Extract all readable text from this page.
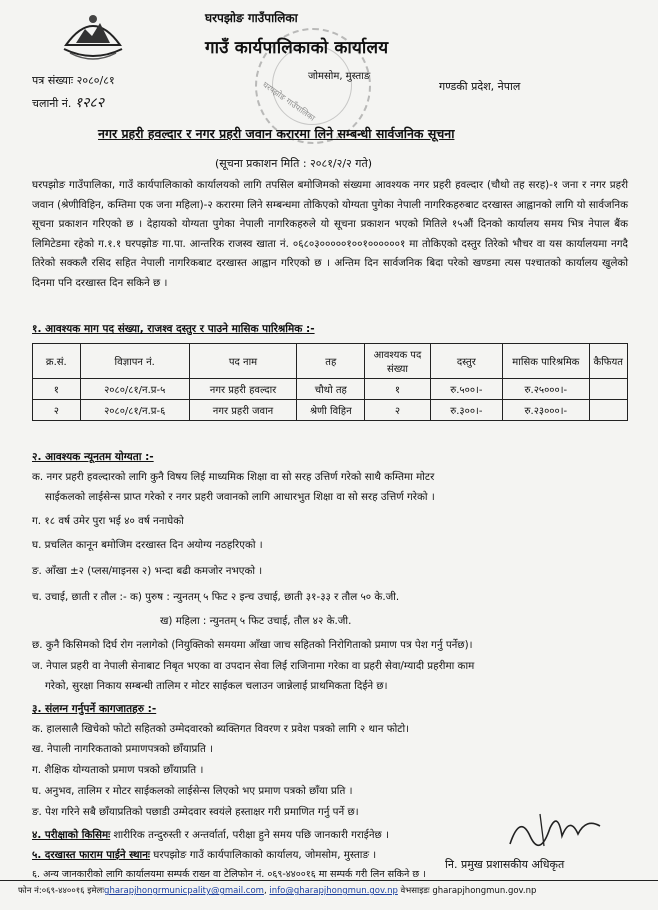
घरपझोङ गाउँपालिका
घरपझोङ गाउँपालिका
गाउँ कार्यपालिकाको कार्यालय
जोमसोम, मुस्ताङ
पत्र संख्याः २०८०/८१
चलानी नं. १२८२
गण्डकी प्रदेश, नेपाल
नगर प्रहरी हवल्दार र नगर प्रहरी जवान करारमा लिने सम्बन्धी सार्वजनिक सूचना
(सूचना प्रकाशन मिति : २०८१/२/२ गते)
घरपझोङ गाउँपालिका, गाउँ कार्यपालिकाको कार्यालयको लागि तपसिल बमोजिमको संख्यमा आवश्यक नगर प्रहरी हवल्दार (चौथो तह सरह)-१ जना र नगर प्रहरी जवान (श्रेणीविहिन, कम्तिमा एक जना महिला)-२ करारमा लिने सम्बन्धमा तोकिएको योग्यता पुगेका नेपाली नागरिकहरुबाट दरखास्त आह्वानको लागि यो सार्वजनिक सूचना प्रकाशन गरिएको छ । देहायको योग्यता पुगेका नेपाली नागरिकहरुले यो सूचना प्रकाशन भएको मितिले १५औं दिनको कार्यालय समय भित्र नेपाल बैंक लिमिटेडमा रहेको ग.१.१ घरपझोङ गा.पा. आन्तरिक राजस्व खाता नं. ०६८०३०००००१००१००००००१ मा तोकिएको दस्तुर तिरेको भौचर वा यस कार्यालयमा नगदै तिरेको सक्कलै रसिद सहित नेपाली नागरिकबाट दरखास्त आह्वान गरिएको छ । अन्तिम दिन सार्वजनिक बिदा परेको खण्डमा त्यस पश्चातको कार्यालय खुलेको दिनमा पनि दरखास्त दिन सकिने छ ।
१. आवश्यक माग पद संख्या, राजश्व दस्तुर र पाउने मासिक पारिश्रमिक :-
क्र.सं.	विज्ञापन नं.	पद नाम	तह	आवश्यक पद संख्या	दस्तुर	मासिक पारिश्रमिक	कैफियत
१	२०८०/८१/न.प्र-५	नगर प्रहरी हवल्दार	चौथो तह	१	रु.५००।-	रु.२५०००।-	
२	२०८०/८१/न.प्र-६	नगर प्रहरी जवान	श्रेणी विहिन	२	रु.३००।-	रु.२३०००।-	
२. आवश्यक न्यूनतम योग्यता :-
क. नगर प्रहरी हवल्दारको लागि कुनै विषय लिई माध्यमिक शिक्षा वा सो सरह उत्तिर्ण गरेको साथै कम्तिमा मोटर
साईकलको लाईसेन्स प्राप्त गरेको र नगर प्रहरी जवानको लागि आधारभुत शिक्षा वा सो सरह उत्तिर्ण गरेको ।
ग. १८ वर्ष उमेर पुरा भई ४० वर्ष ननाघेको
घ. प्रचलित कानून बमोजिम दरखास्त दिन अयोग्य नठहरिएको ।
ङ. आँखा ±२ (प्लस/माइनस २) भन्दा बढी कमजोर नभएको ।
च. उचाई, छाती र तौल :- क) पुरुष : न्युनतम् ५ फिट २ इन्च उचाई, छाती ३१-३३ र तौल ५० के.जी.
ख) महिला : न्युनतम् ५ फिट उचाई, तौल ४२ के.जी.
छ. कुनै किसिमको दिर्घ रोग नलागेको (नियुक्तिको समयमा आँखा जाच सहितको निरोगिताको प्रमाण पत्र पेश गर्नु पर्नेछ)।
ज. नेपाल प्रहरी वा नेपाली सेनाबाट निबृत भएका वा उपदान सेवा लिई राजिनामा गरेका वा प्रहरी सेवा/म्यादी प्रहरीमा काम
गरेको, सुरक्षा निकाय सम्बन्धी तालिम र मोटर साईकल चलाउन जान्नेलाई प्राथमिकता दिईने छ।
३. संलग्न गर्नुपर्ने कागजातहरु :-
क. हालसालै खिचेको फोटो सहितको उम्मेदवारको ब्यक्तिगत विवरण र प्रवेश पत्रको लागि २ थान फोटो।
ख. नेपाली नागरिकताको प्रमाणपत्रको छाँयाप्रति ।
ग. शैक्षिक योग्यताको प्रमाण पत्रको छाँयाप्रति ।
घ. अनुभव, तालिम र मोटर साईकलको लाईसेन्स लिएको भए प्रमाण पत्रको छाँया प्रति ।
ङ. पेश गरिने सबै छाँयाप्रतिको पछाडी उम्मेदवार स्वयंले हस्ताक्षर गरी प्रमाणित गर्नु पर्ने छ।
४. परीक्षाको किसिमः शारीरिक तन्दुरुस्ती र अन्तर्वार्ता, परीक्षा हुने समय पछि जानकारी गराईनेछ ।
५. दरखास्त फाराम पाईने स्थानः घरपझोङ गाउँ कार्यपालिकाको कार्यालय, जोमसोम, मुस्ताङ ।
६. अन्य जानकारीको लागि कार्यालयमा सम्पर्क राख्न वा टेलिफोन नं. ०६९-४४००१६ मा सम्पर्क गरी लिन सकिने छ ।
नि. प्रमुख प्रशासकीय अधिकृत
फोन नं:०६९-४४००१६ इमेलःgharapjhongrmunicpality@gmail.com, info@gharapjhongmun.gov.np वेभसाइडः gharapjhongmun.gov.np
